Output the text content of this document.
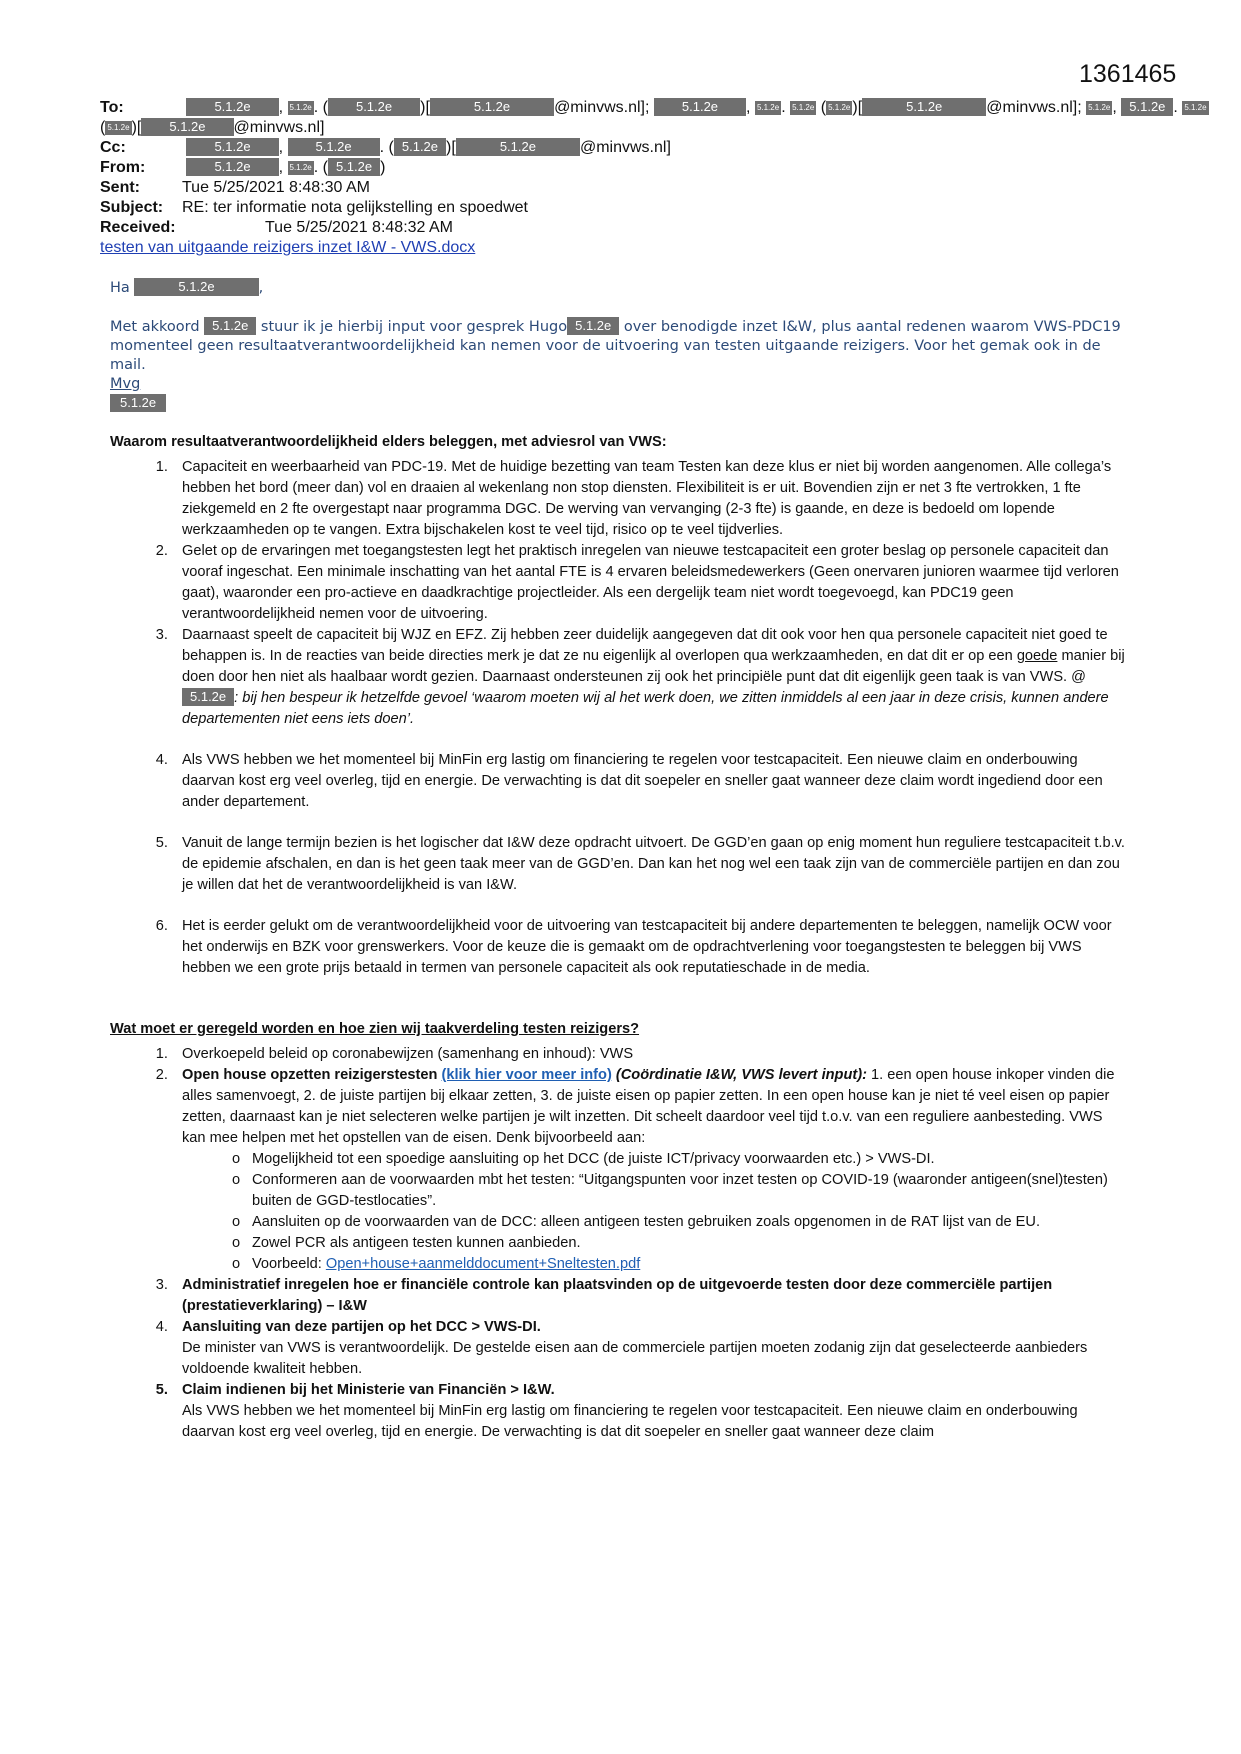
1361465
To:	5.1.2e , 5.1.2e . ( 5.1.2e )[	5.1.2e	@minvws.nl]; 5.1.2e , 5.1.2e . 5.1.2e ( 5.1.2e )[	5.1.2e	@minvws.nl]; 5.1.2e , 5.1.2e . 5.1.2e
( 5.1.2e )[ 5.1.2e @minvws.nl]
Cc:	5.1.2e , 5.1.2e . ( 5.1.2e )[	5.1.2e	@minvws.nl]
From:	5.1.2e , 5.1.2e . ( 5.1.2e )
Sent:	Tue 5/25/2021 8:48:30 AM
Subject: RE: ter informatie nota gelijkstelling en spoedwet
Received:	Tue 5/25/2021 8:48:32 AM
testen van uitgaande reizigers inzet I&W - VWS.docx

Ha	5.1.2e	,

Met akkoord 5.1.2e stuur ik je hierbij input voor gesprek Hugo 5.1.2e over benodigde inzet I&W, plus aantal redenen waarom VWS-PDC19 momenteel geen resultaatverantwoordelijkheid kan nemen voor de uitvoering van testen uitgaande reizigers. Voor het gemak ook in de mail.

Mvg

5.1.2e

Waarom resultaatverantwoordelijkheid elders beleggen, met adviesrol van VWS:
1. Capaciteit en weerbaarheid van PDC-19. Met de huidige bezetting van team Testen kan deze klus er niet bij worden aangenomen. Alle collega’s hebben het bord (meer dan) vol en draaien al wekenlang non stop diensten. Flexibiliteit is er uit. Bovendien zijn er net 3 fte vertrokken, 1 fte ziekgemeld en 2 fte overgestapt naar programma DGC. De werving van vervanging (2-3 fte) is gaande, en deze is bedoeld om lopende werkzaamheden op te vangen. Extra bijschakelen kost te veel tijd, risico op te veel tijdverlies.
2. Gelet op de ervaringen met toegangstesten legt het praktisch inregelen van nieuwe testcapaciteit een groter beslag op personele capaciteit dan vooraf ingeschat. Een minimale inschatting van het aantal FTE is 4 ervaren beleidsmedewerkers (Geen onervaren junioren waarmee tijd verloren gaat), waaronder een pro-actieve en daadkrachtige projectleider. Als een dergelijk team niet wordt toegevoegd, kan PDC19 geen verantwoordelijkheid nemen voor de uitvoering.
3. Daarnaast speelt de capaciteit bij WJZ en EFZ. Zij hebben zeer duidelijk aangegeven dat dit ook voor hen qua personele capaciteit niet goed te behappen is. In de reacties van beide directies merk je dat ze nu eigenlijk al overlopen qua werkzaamheden, en dat dit er op een goede manier bij doen door hen niet als haalbaar wordt gezien. Daarnaast ondersteunen zij ook het principiële punt dat dit eigenlijk geen taak is van VWS. @5.1.2e : bij hen bespeur ik hetzelfde gevoel ‘waarom moeten wij al het werk doen, we zitten inmiddels al een jaar in deze crisis, kunnen andere departementen niet eens iets doen’.
4. Als VWS hebben we het momenteel bij MinFin erg lastig om financiering te regelen voor testcapaciteit. Een nieuwe claim en onderbouwing daarvan kost erg veel overleg, tijd en energie. De verwachting is dat dit soepeler en sneller gaat wanneer deze claim wordt ingediend door een ander departement.
5. Vanuit de lange termijn bezien is het logischer dat I&W deze opdracht uitvoert. De GGD’en gaan op enig moment hun reguliere testcapaciteit t.b.v. de epidemie afschalen, en dan is het geen taak meer van de GGD’en. Dan kan het nog wel een taak zijn van de commerciële partijen en dan zou je willen dat het de verantwoordelijkheid is van I&W.
6. Het is eerder gelukt om de verantwoordelijkheid voor de uitvoering van testcapaciteit bij andere departementen te beleggen, namelijk OCW voor het onderwijs en BZK voor grenswerkers. Voor de keuze die is gemaakt om de opdrachtverlening voor toegangstesten te beleggen bij VWS hebben we een grote prijs betaald in termen van personele capaciteit als ook reputatieschade in de media.
Wat moet er geregeld worden en hoe zien wij taakverdeling testen reizigers?
1. Overkoepeld beleid op coronabewijzen (samenhang en inhoud): VWS
2. Open house opzetten reizigerstesten (klik hier voor meer info) (Coördinatie I&W, VWS levert input): 1. een open house inkoper vinden die alles samenvoegt, 2. de juiste partijen bij elkaar zetten, 3. de juiste eisen op papier zetten. In een open house kan je niet té veel eisen op papier zetten, daarnaast kan je niet selecteren welke partijen je wilt inzetten. Dit scheelt daardoor veel tijd t.o.v. van een reguliere aanbesteding. VWS kan mee helpen met het opstellen van de eisen. Denk bijvoorbeeld aan:
o Mogelijkheid tot een spoedige aansluiting op het DCC (de juiste ICT/privacy voorwaarden etc.) > VWS-DI.
o Conformeren aan de voorwaarden mbt het testen: “Uitgangspunten voor inzet testen op COVID-19 (waaronder antigeen(snel)testen) buiten de GGD-testlocaties”.
o Aansluiten op de voorwaarden van de DCC: alleen antigeen testen gebruiken zoals opgenomen in de RAT lijst van de EU.
o Zowel PCR als antigeen testen kunnen aanbieden.
o Voorbeeld: Open+house+aanmelddocument+Sneltesten.pdf
3. Administratief inregelen hoe er financiële controle kan plaatsvinden op de uitgevoerde testen door deze commerciële partijen (prestatieverklaring) – I&W
4. Aansluiting van deze partijen op het DCC > VWS-DI.
De minister van VWS is verantwoordelijk. De gestelde eisen aan de commerciele partijen moeten zodanig zijn dat geselecteerde aanbieders voldoende kwaliteit hebben.
5. Claim indienen bij het Ministerie van Financiën > I&W.
Als VWS hebben we het momenteel bij MinFin erg lastig om financiering te regelen voor testcapaciteit. Een nieuwe claim en onderbouwing daarvan kost erg veel overleg, tijd en energie. De verwachting is dat dit soepeler en sneller gaat wanneer deze claim
